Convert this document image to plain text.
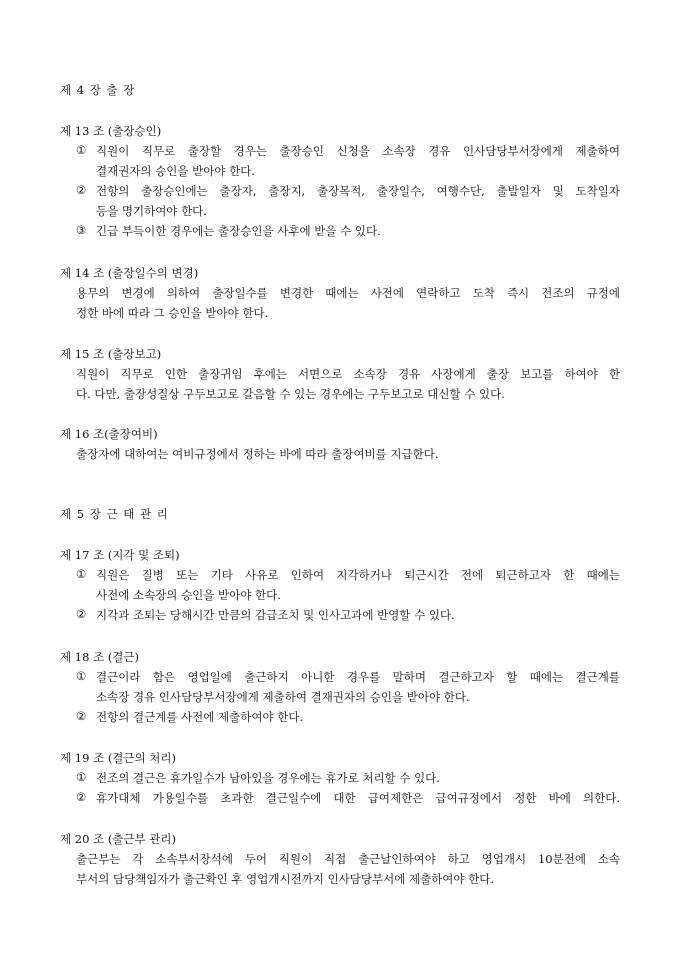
제 4 장 출 장
제 13 조 (출장승인)
① 직원이 직무로 출장할 경우는 출장승인 신청을 소속장 경유 인사담당부서장에게 제출하여
결재권자의 승인을 받아야 한다.
② 전항의 출장승인에는 출장자, 출장지, 출장목적, 출장일수, 여행수단, 출발일자 및 도착일자
등을 명기하여야 한다.
③ 긴급 부득이한 경우에는 출장승인을 사후에 받을 수 있다.
제 14 조 (출장일수의 변경)
용무의 변경에 의하여 출장일수를 변경한 때에는 사전에 연락하고 도착 즉시 전조의 규정에
정한 바에 따라 그 승인을 받아야 한다.
제 15 조 (출장보고)
직원이 직무로 인한 출장귀임 후에는 서면으로 소속장 경유 사장에게 출장 보고를 하여야 한
다. 다만, 출장성질상 구두보고로 갈음할 수 있는 경우에는 구두보고로 대신할 수 있다.
제 16 조(출장여비)
출장자에 대하여는 여비규정에서 정하는 바에 따라 출장여비를 지급한다.
제 5 장 근 태 관 리
제 17 조 (지각 및 조퇴)
① 직원은 질병 또는 기타 사유로 인하여 지각하거나 퇴근시간 전에 퇴근하고자 한 때에는
사전에 소속장의 승인을 받아야 한다.
② 지각과 조퇴는 당해시간 만큼의 감급조치 및 인사고과에 반영할 수 있다.
제 18 조 (결근)
① 결근이라 함은 영업일에 출근하지 아니한 경우를 말하며 결근하고자 할 때에는 결근계를
소속장 경유 인사담당부서장에게 제출하여 결재권자의 승인을 받아야 한다.
② 전항의 결근계를 사전에 제출하여야 한다.
제 19 조 (결근의 처리)
① 전조의 결근은 휴가일수가 남아있을 경우에는 휴가로 처리할 수 있다.
② 휴가대체 가용일수를 초과한 결근일수에 대한 급여제한은 급여규정에서 정한 바에 의한다.
제 20 조 (출근부 관리)
출근부는 각 소속부서장석에 두어 직원이 직접 출근날인하여야 하고 영업개시 10분전에 소속
부서의 담당책임자가 출근확인 후 영업개시전까지 인사담당부서에 제출하여야 한다.
